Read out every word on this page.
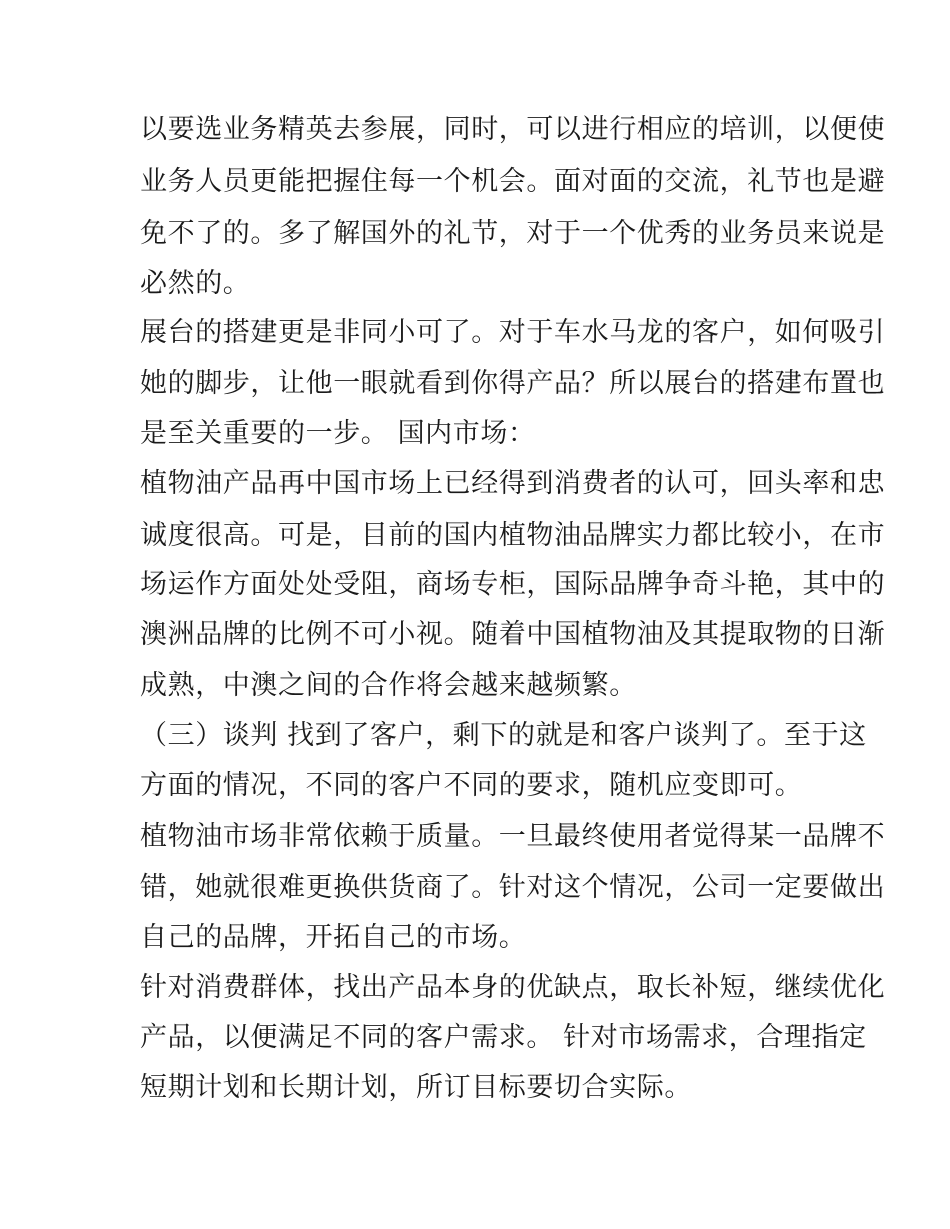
以要选业务精英去参展，同时，可以进行相应的培训，以便使
业务人员更能把握住每一个机会。面对面的交流，礼节也是避
免不了的。多了解国外的礼节，对于一个优秀的业务员来说是
必然的。
展台的搭建更是非同小可了。对于车水马龙的客户，如何吸引
她的脚步，让他一眼就看到你得产品？所以展台的搭建布置也
是至关重要的一步。 国内市场：
植物油产品再中国市场上已经得到消费者的认可，回头率和忠
诚度很高。可是，目前的国内植物油品牌实力都比较小，在市
场运作方面处处受阻，商场专柜，国际品牌争奇斗艳，其中的
澳洲品牌的比例不可小视。随着中国植物油及其提取物的日渐
成熟，中澳之间的合作将会越来越频繁。
（三）谈判 找到了客户，剩下的就是和客户谈判了。至于这
方面的情况，不同的客户不同的要求，随机应变即可。
植物油市场非常依赖于质量。一旦最终使用者觉得某一品牌不
错，她就很难更换供货商了。针对这个情况，公司一定要做出
自己的品牌，开拓自己的市场。
针对消费群体，找出产品本身的优缺点，取长补短，继续优化
产品，以便满足不同的客户需求。 针对市场需求，合理指定
短期计划和长期计划，所订目标要切合实际。
